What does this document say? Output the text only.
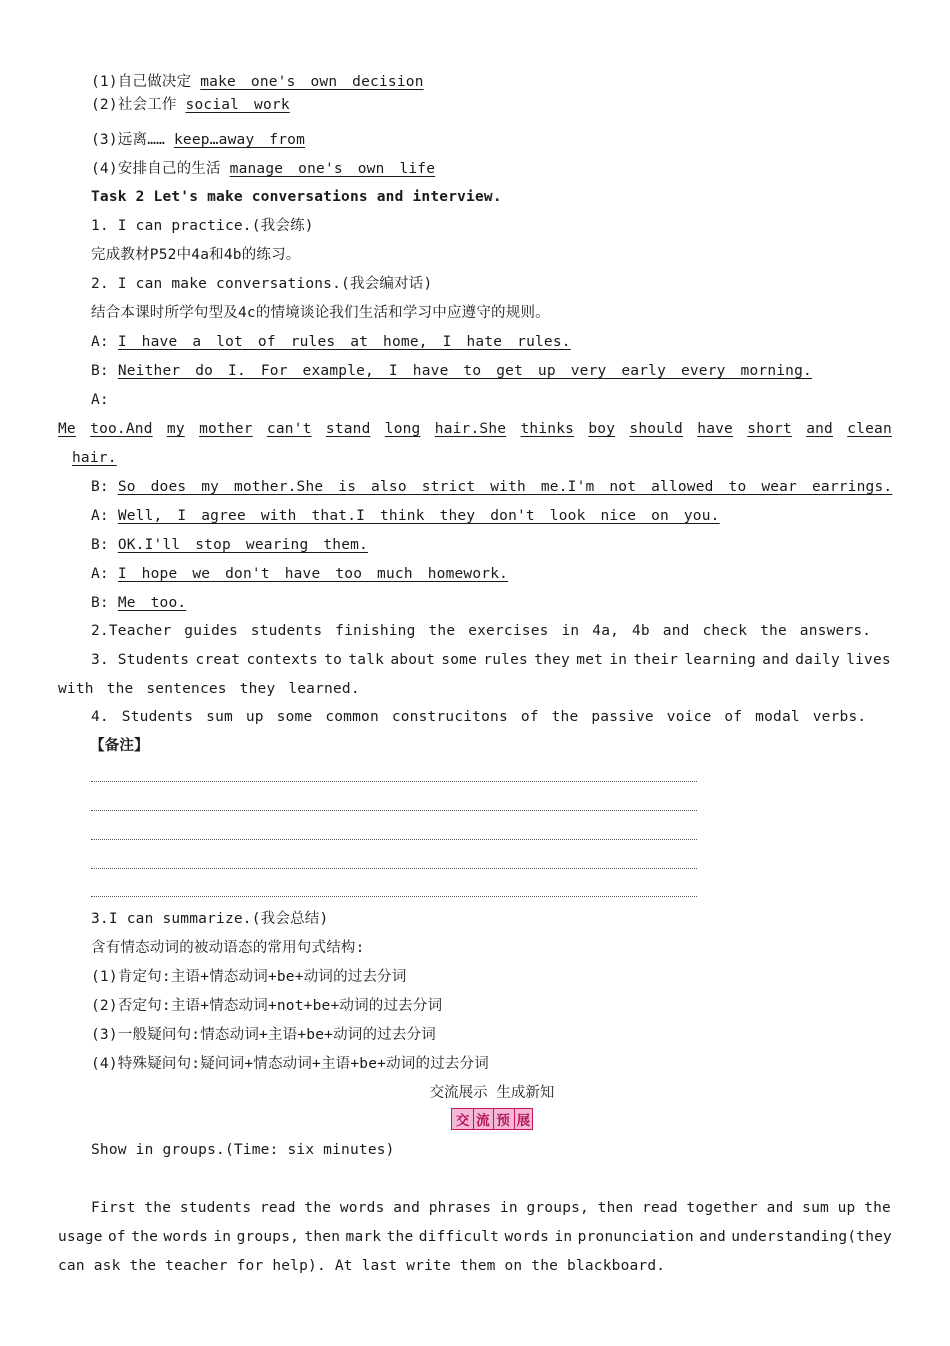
(1)自己做决定 make one's own decision
(2)社会工作 social work
(3)远离…… keep…away from
(4)安排自己的生活 manage one's own life
Task 2 Let's make conversations and interview.
1. I can practice.(我会练)
完成教材P52中4a和4b的练习。
2. I can make conversations.(我会编对话)
结合本课时所学句型及4c的情境谈论我们生活和学习中应遵守的规则。
A: I have a lot of rules at home, I hate rules.
B: Neither do I. For example, I have to get up very early every morning.
A:
Me too.And my mother can't stand long hair.She thinks boy should have short and clean
hair.
B: So does my mother.She is also strict with me.I'm not allowed to wear earrings.
A: Well, I agree with that.I think they don't look nice on you.
B: OK.I'll stop wearing them.
A: I hope we don't have too much homework.
B: Me too.
2.Teacher guides students finishing the exercises in 4a, 4b and check the answers.
3. Students creat contexts to talk about some rules they met in their learning and daily lives
with the sentences they learned.
4. Students sum up some common construcitons of the passive voice of modal verbs.
【备注】
3.I can summarize.(我会总结)
含有情态动词的被动语态的常用句式结构:
(1)肯定句:主语+情态动词+be+动词的过去分词
(2)否定句:主语+情态动词+not+be+动词的过去分词
(3)一般疑问句:情态动词+主语+be+动词的过去分词
(4)特殊疑问句:疑问词+情态动词+主语+be+动词的过去分词
交流展示 生成新知
交 流 预 展
Show in groups.(Time: six minutes)
First the students read the words and phrases in groups, then read together and sum up the
usage of the words in groups, then mark the difficult words in pronunciation and understanding(they
can ask the teacher for help). At last write them on the blackboard.
